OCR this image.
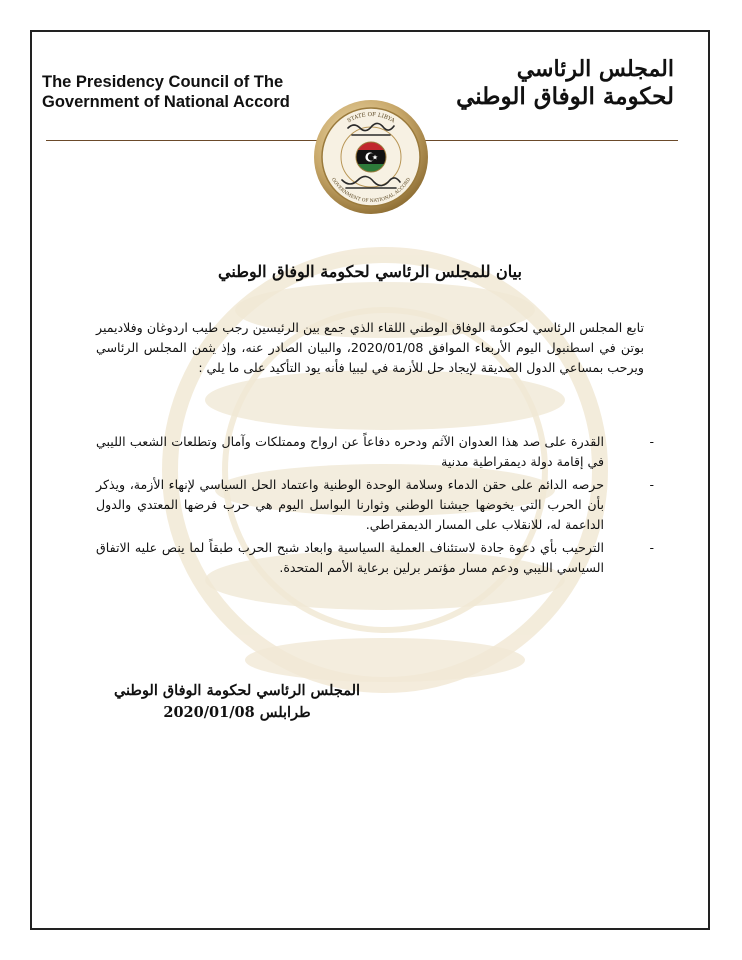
The Presidency Council of The
Government of National Accord
المجلس الرئاسي
لحكومة الوفاق الوطني
STATE OF LIBYA
GOVERNMENT OF NATIONAL ACCORD
بيان للمجلس الرئاسي لحكومة الوفاق الوطني
تابع المجلس الرئاسي لحكومة الوفاق الوطني اللقاء الذي جمع بين الرئيسين رجب طيب اردوغان وفلاديمير بوتن في اسطنبول اليوم الأربعاء الموافق 2020/01/08، والبيان الصادر عنه، وإذ يثمن المجلس الرئاسي ويرحب بمساعي الدول الصديقة لإيجاد حل للأزمة في ليبيا فأنه يود التأكيد على ما يلي :
-
القدرة على صد هذا العدوان الآثم ودحره دفاعاً عن ارواح وممتلكات وآمال وتطلعات الشعب الليبي في إقامة دولة ديمقراطية مدنية
-
حرصه الدائم على حقن الدماء وسلامة الوحدة الوطنية واعتماد الحل السياسي لإنهاء الأزمة، ويذكر بأن الحرب التي يخوضها جيشنا الوطني وثوارنا البواسل اليوم هي حرب فرضها المعتدي والدول الداعمة له، للانقلاب على المسار الديمقراطي.
-
الترحيب بأي دعوة جادة لاستئناف العملية السياسية وابعاد شبح الحرب طبقاً لما ينص عليه الاتفاق السياسي الليبي ودعم مسار مؤتمر برلين برعاية الأمم المتحدة.
المجلس الرئاسي لحكومة الوفاق الوطني
طرابلس 2020/01/08
